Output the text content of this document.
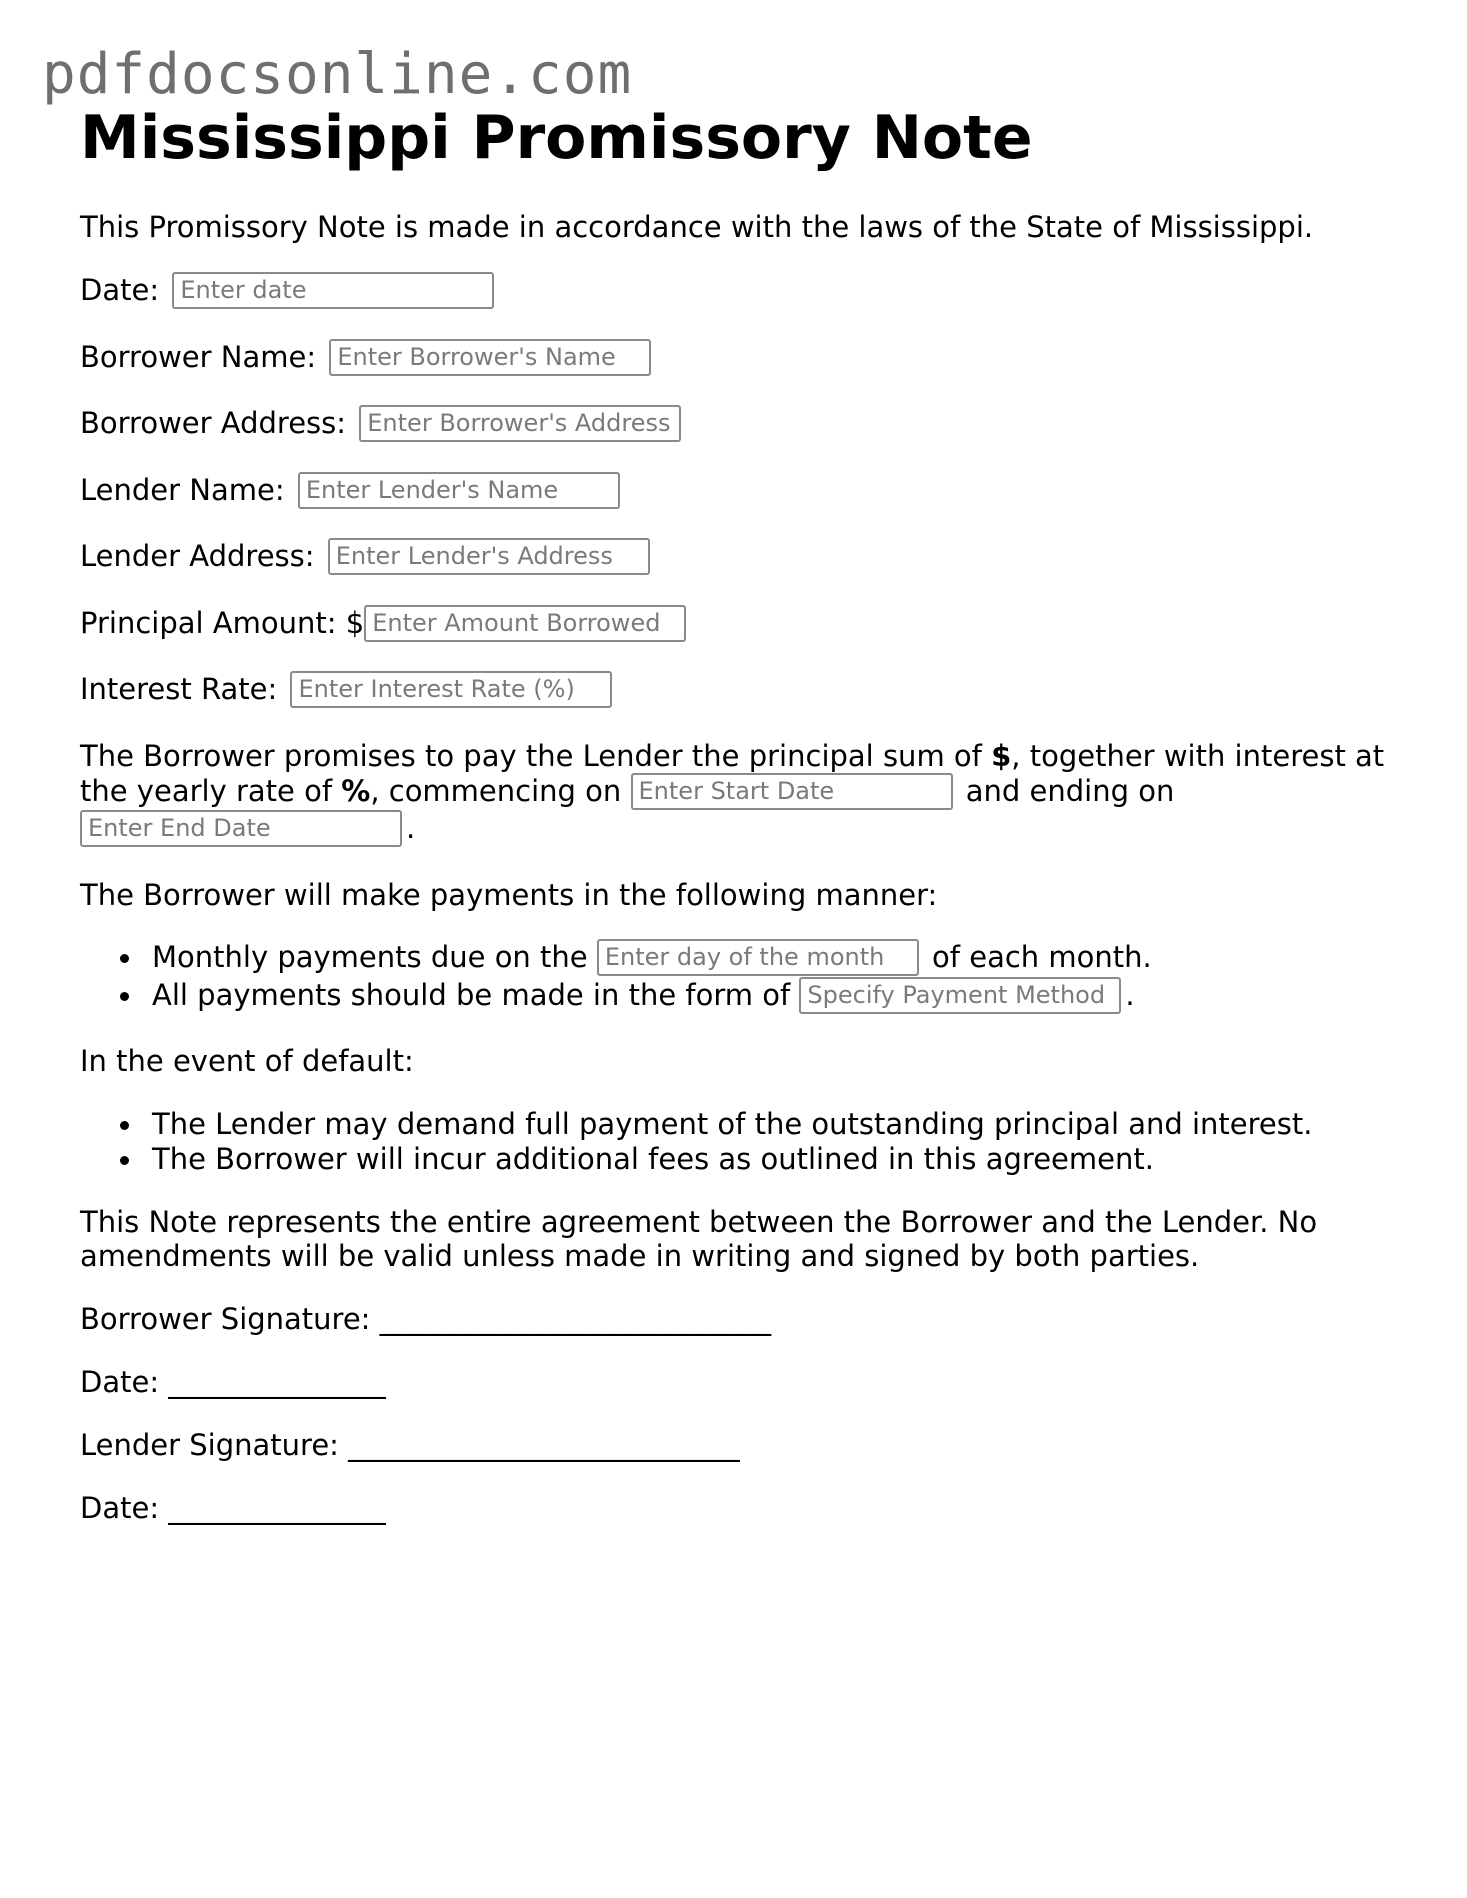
pdfdocsonline.com
Mississippi Promissory Note
This Promissory Note is made in accordance with the laws of the State of Mississippi.
Date: Enter date
Borrower Name: Enter Borrower's Name
Borrower Address: Enter Borrower's Address
Lender Name: Enter Lender's Name
Lender Address: Enter Lender's Address
Principal Amount: $ Enter Amount Borrowed
Interest Rate: Enter Interest Rate (%)
The Borrower promises to pay the Lender the principal sum of $, together with interest at
the yearly rate of %, commencing on Enter Start Date	and ending on
Enter End Date	.
The Borrower will make payments in the following manner:
Monthly payments due on the Enter day of the month of each month.
All payments should be made in the form of Specify Payment Method .
In the event of default:
The Lender may demand full payment of the outstanding principal and interest.
The Borrower will incur additional fees as outlined in this agreement.
This Note represents the entire agreement between the Borrower and the Lender. No
amendments will be valid unless made in writing and signed by both parties.
Borrower Signature: ___________________________
Date: _______________
Lender Signature: ___________________________
Date: _______________
